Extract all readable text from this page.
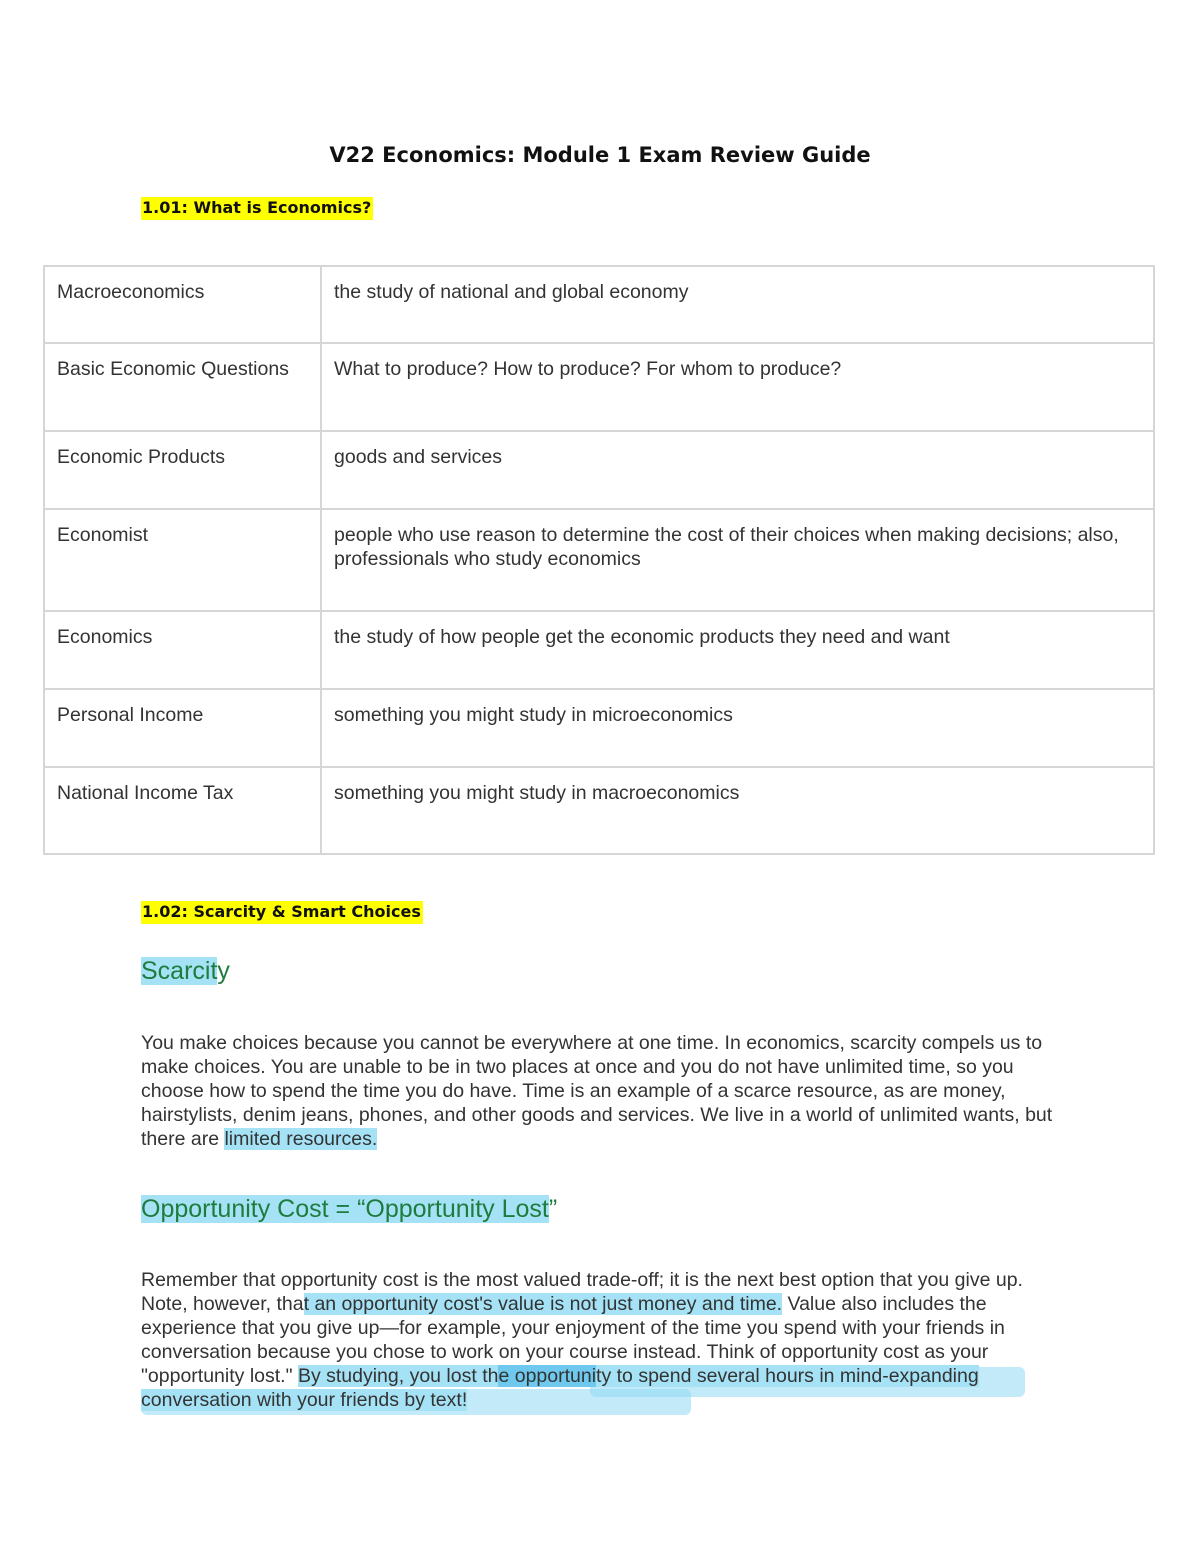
V22 Economics: Module 1 Exam Review Guide
1.01: What is Economics?
Macroeconomics	the study of national and global economy
Basic Economic Questions	What to produce? How to produce? For whom to produce?
Economic Products	goods and services
Economist	people who use reason to determine the cost of their choices when making decisions; also, professionals who study economics
Economics	the study of how people get the economic products they need and want
Personal Income	something you might study in microeconomics
National Income Tax	something you might study in macroeconomics
1.02: Scarcity & Smart Choices
Scarcity
You make choices because you cannot be everywhere at one time. In economics, scarcity compels us to make choices. You are unable to be in two places at once and you do not have unlimited time, so you choose how to spend the time you do have. Time is an example of a scarce resource, as are money, hairstylists, denim jeans, phones, and other goods and services. We live in a world of unlimited wants, but there are limited resources.
Opportunity Cost = “Opportunity Lost”
Remember that opportunity cost is the most valued trade-off; it is the next best option that you give up. Note, however, that an opportunity cost's value is not just money and time. Value also includes the experience that you give up—for example, your enjoyment of the time you spend with your friends in conversation because you chose to work on your course instead. Think of opportunity cost as your "opportunity lost." By studying, you lost the opportunity to spend several hours in mind-expanding conversation with your friends by text!
